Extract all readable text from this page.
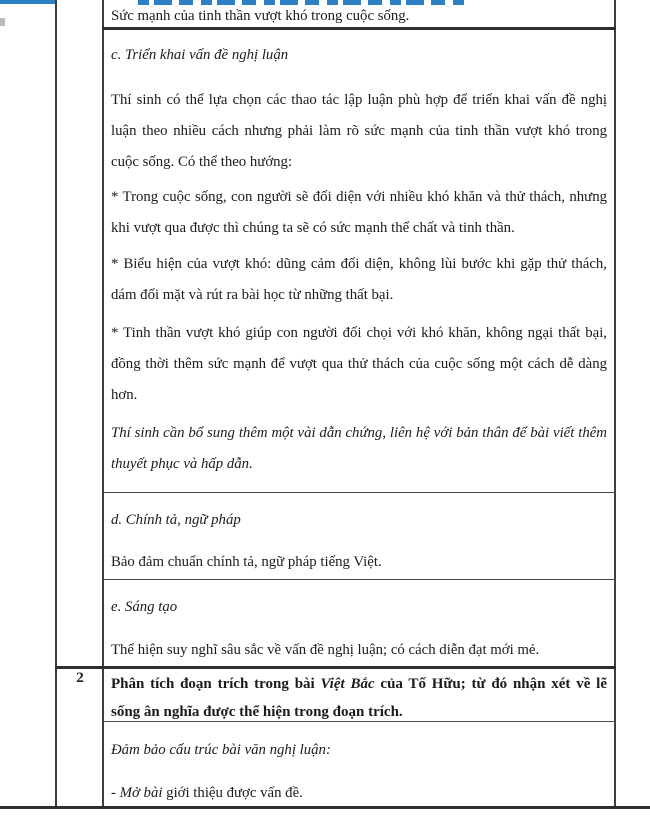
Sức mạnh của tinh thần vượt khó trong cuộc sống.
c. Triển khai vấn đề nghị luận
Thí sinh có thể lựa chọn các thao tác lập luận phù hợp để triển khai vấn đề nghị luận theo nhiều cách nhưng phải làm rõ sức mạnh của tinh thần vượt khó trong cuộc sống. Có thể theo hướng:
* Trong cuộc sống, con người sẽ đối diện với nhiều khó khăn và thử thách, nhưng khi vượt qua được thì chúng ta sẽ có sức mạnh thể chất và tinh thần.
* Biểu hiện của vượt khó: dũng cảm đối diện, không lùi bước khi gặp thử thách, dám đối mặt và rút ra bài học từ những thất bại.
* Tinh thần vượt khó giúp con người đối chọi với khó khăn, không ngại thất bại, đồng thời thêm sức mạnh để vượt qua thử thách của cuộc sống một cách dễ dàng hơn.
Thí sinh cần bổ sung thêm một vài dẫn chứng, liên hệ với bản thân để bài viết thêm thuyết phục và hấp dẫn.
d. Chính tả, ngữ pháp
Bảo đảm chuẩn chính tả, ngữ pháp tiếng Việt.
e. Sáng tạo
Thể hiện suy nghĩ sâu sắc về vấn đề nghị luận; có cách diễn đạt mới mẻ.
2	Phân tích đoạn trích trong bài Việt Bắc của Tố Hữu; từ đó nhận xét về lẽ sống ân nghĩa được thể hiện trong đoạn trích.
Đảm bảo cấu trúc bài văn nghị luận:
- Mở bài giới thiệu được vấn đề.
